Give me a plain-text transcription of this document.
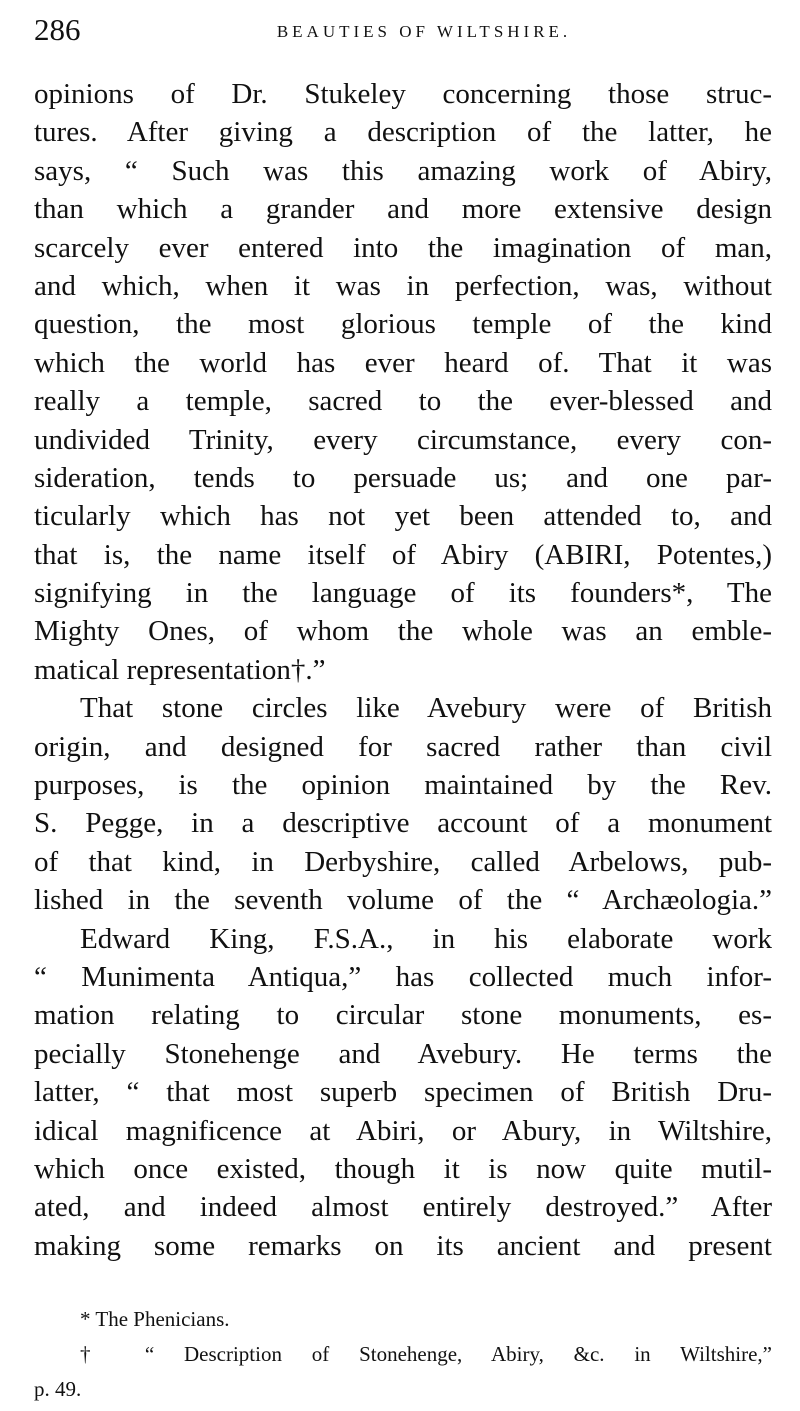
286	BEAUTIES OF WILTSHIRE.
opinions of Dr. Stukeley concerning those struc-
tures. After giving a description of the latter, he
says, “ Such was this amazing work of Abiry,
than which a grander and more extensive design
scarcely ever entered into the imagination of man,
and which, when it was in perfection, was, without
question, the most glorious temple of the kind
which the world has ever heard of. That it was
really a temple, sacred to the ever-blessed and
undivided Trinity, every circumstance, every con-
sideration, tends to persuade us; and one par-
ticularly which has not yet been attended to, and
that is, the name itself of Abiry (ABIRI, Potentes,)
signifying in the language of its founders*, The
Mighty Ones, of whom the whole was an emble-
matical representation†.”
That stone circles like Avebury were of British
origin, and designed for sacred rather than civil
purposes, is the opinion maintained by the Rev.
S. Pegge, in a descriptive account of a monument
of that kind, in Derbyshire, called Arbelows, pub-
lished in the seventh volume of the “ Archæologia.”
Edward King, F.S.A., in his elaborate work
“ Munimenta Antiqua,” has collected much infor-
mation relating to circular stone monuments, es-
pecially Stonehenge and Avebury. He terms the
latter, “ that most superb specimen of British Dru-
idical magnificence at Abiri, or Abury, in Wiltshire,
which once existed, though it is now quite mutil-
ated, and indeed almost entirely destroyed.” After
making some remarks on its ancient and present
* The Phenicians.
† “ Description of Stonehenge, Abiry, &c. in Wiltshire,”
p. 49.
